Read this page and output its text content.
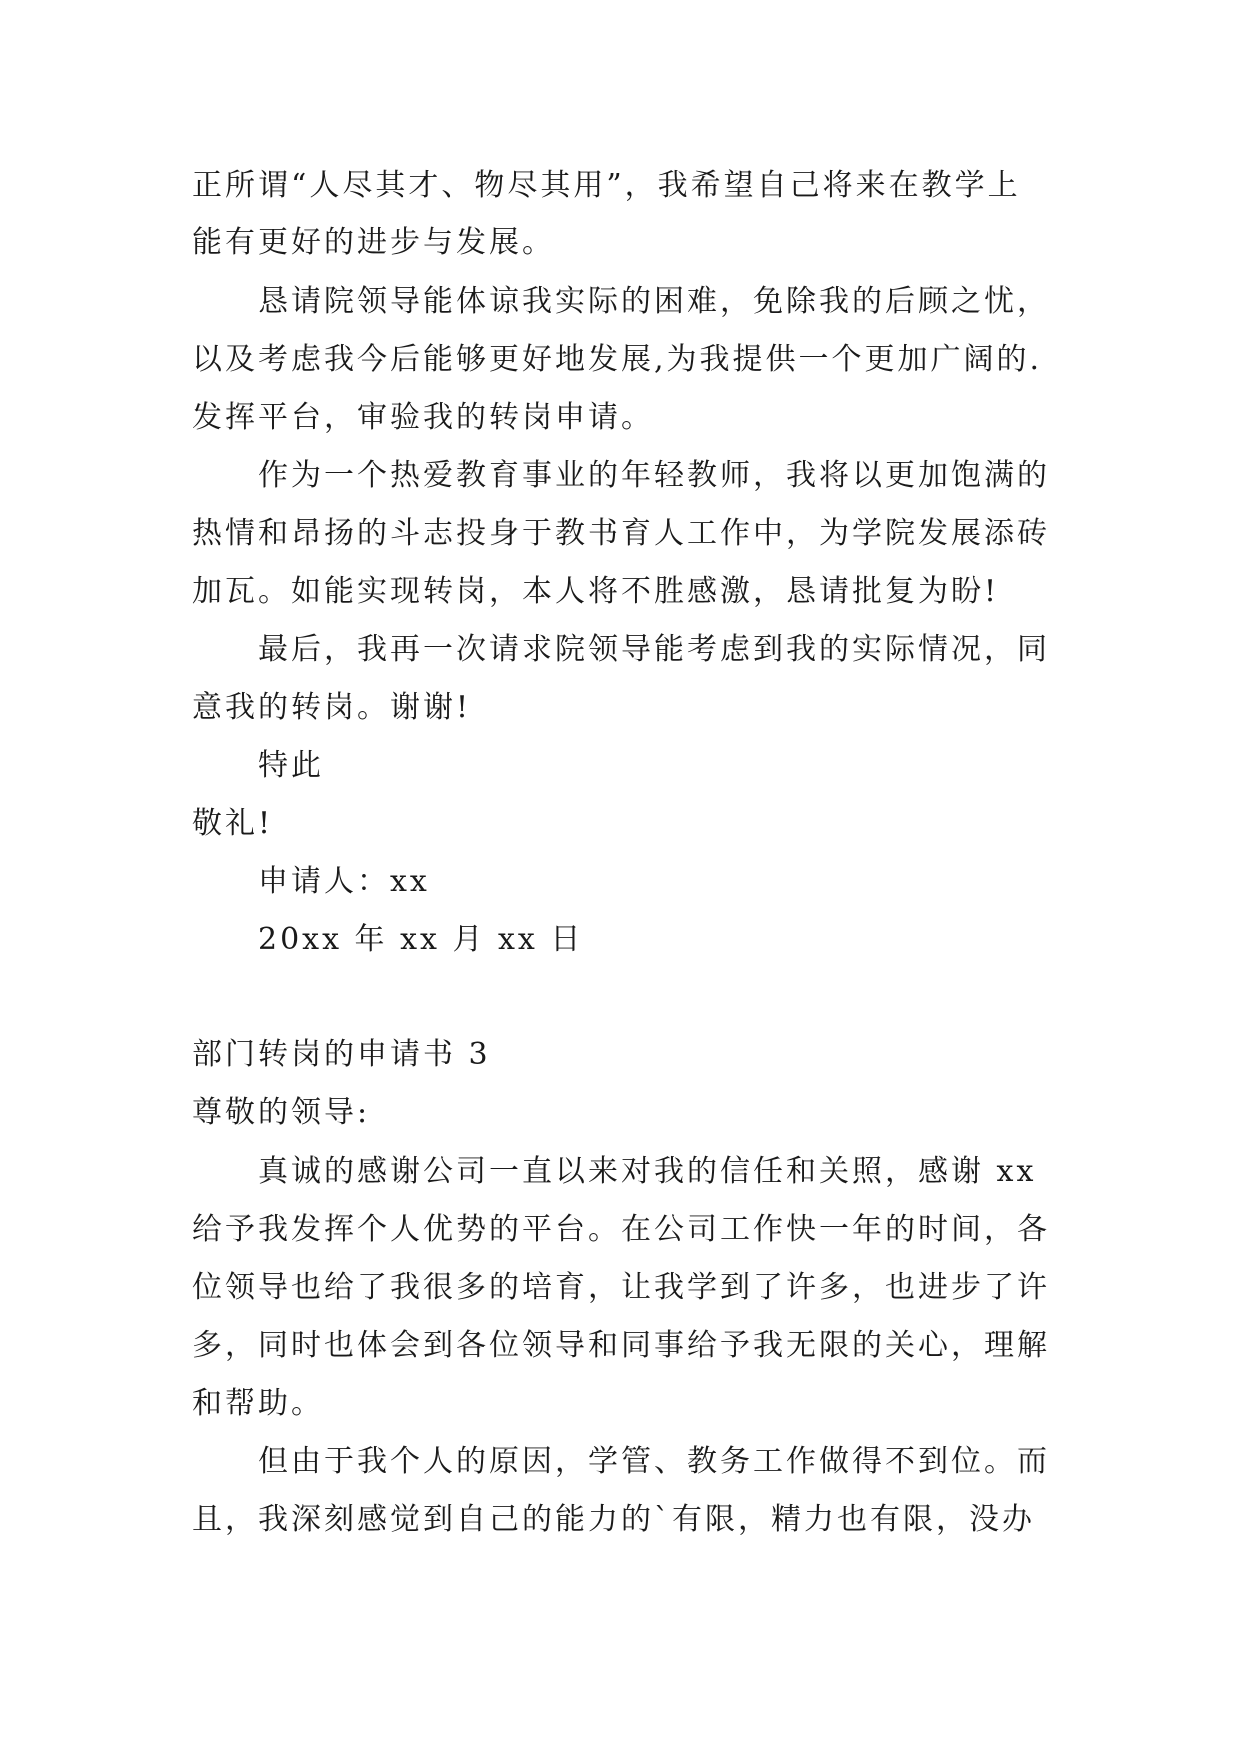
正所谓“人尽其才、物尽其用”，我希望自己将来在教学上
能有更好的进步与发展。
恳请院领导能体谅我实际的困难，免除我的后顾之忧，
以及考虑我今后能够更好地发展,为我提供一个更加广阔的.
发挥平台，审验我的转岗申请。
作为一个热爱教育事业的年轻教师，我将以更加饱满的
热情和昂扬的斗志投身于教书育人工作中，为学院发展添砖
加瓦。如能实现转岗，本人将不胜感激，恳请批复为盼!
最后，我再一次请求院领导能考虑到我的实际情况，同
意我的转岗。谢谢!
特此
敬礼!
申请人：xx
20xx 年 xx 月 xx 日
部门转岗的申请书 3
尊敬的领导:
真诚的感谢公司一直以来对我的信任和关照，感谢 xx
给予我发挥个人优势的平台。在公司工作快一年的时间，各
位领导也给了我很多的培育，让我学到了许多，也进步了许
多，同时也体会到各位领导和同事给予我无限的关心，理解
和帮助。
但由于我个人的原因，学管、教务工作做得不到位。而
且，我深刻感觉到自己的能力的`有限，精力也有限，没办
